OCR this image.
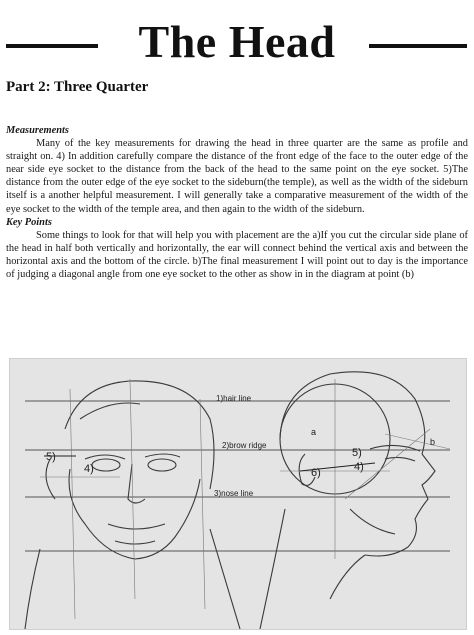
The Head
Part 2: Three Quarter
Measurements
Many of the key measurements for drawing the head in three quarter are the same as profile and straight on. 4) In addition carefully compare the distance of the front edge of the face to the outer edge of the near side eye socket to the distance from the back of the head to the same point on the eye socket. 5)The distance from the outer edge of the eye socket to the sideburn(the temple), as well as the width of the sideburn itself is a another helpful measurement. I will generally take a comparative measurement of the width of the eye socket to the width of the temple area, and then again to the width of the sideburn.
Key Points
Some things to look for that will help you with placement are the a)If you cut the circular side plane of the head in half both vertically and horizontally, the ear will connect behind the vertical axis and between the horizontal axis and the bottom of the circle. b)The final measurement I will point out to day is the importance of judging a diagonal angle from one eye socket to the other as show in in the diagram at point (b)
1)hair line
2)brow ridge
3)nose line
5)
4)
5)
4)
6)
a
b
